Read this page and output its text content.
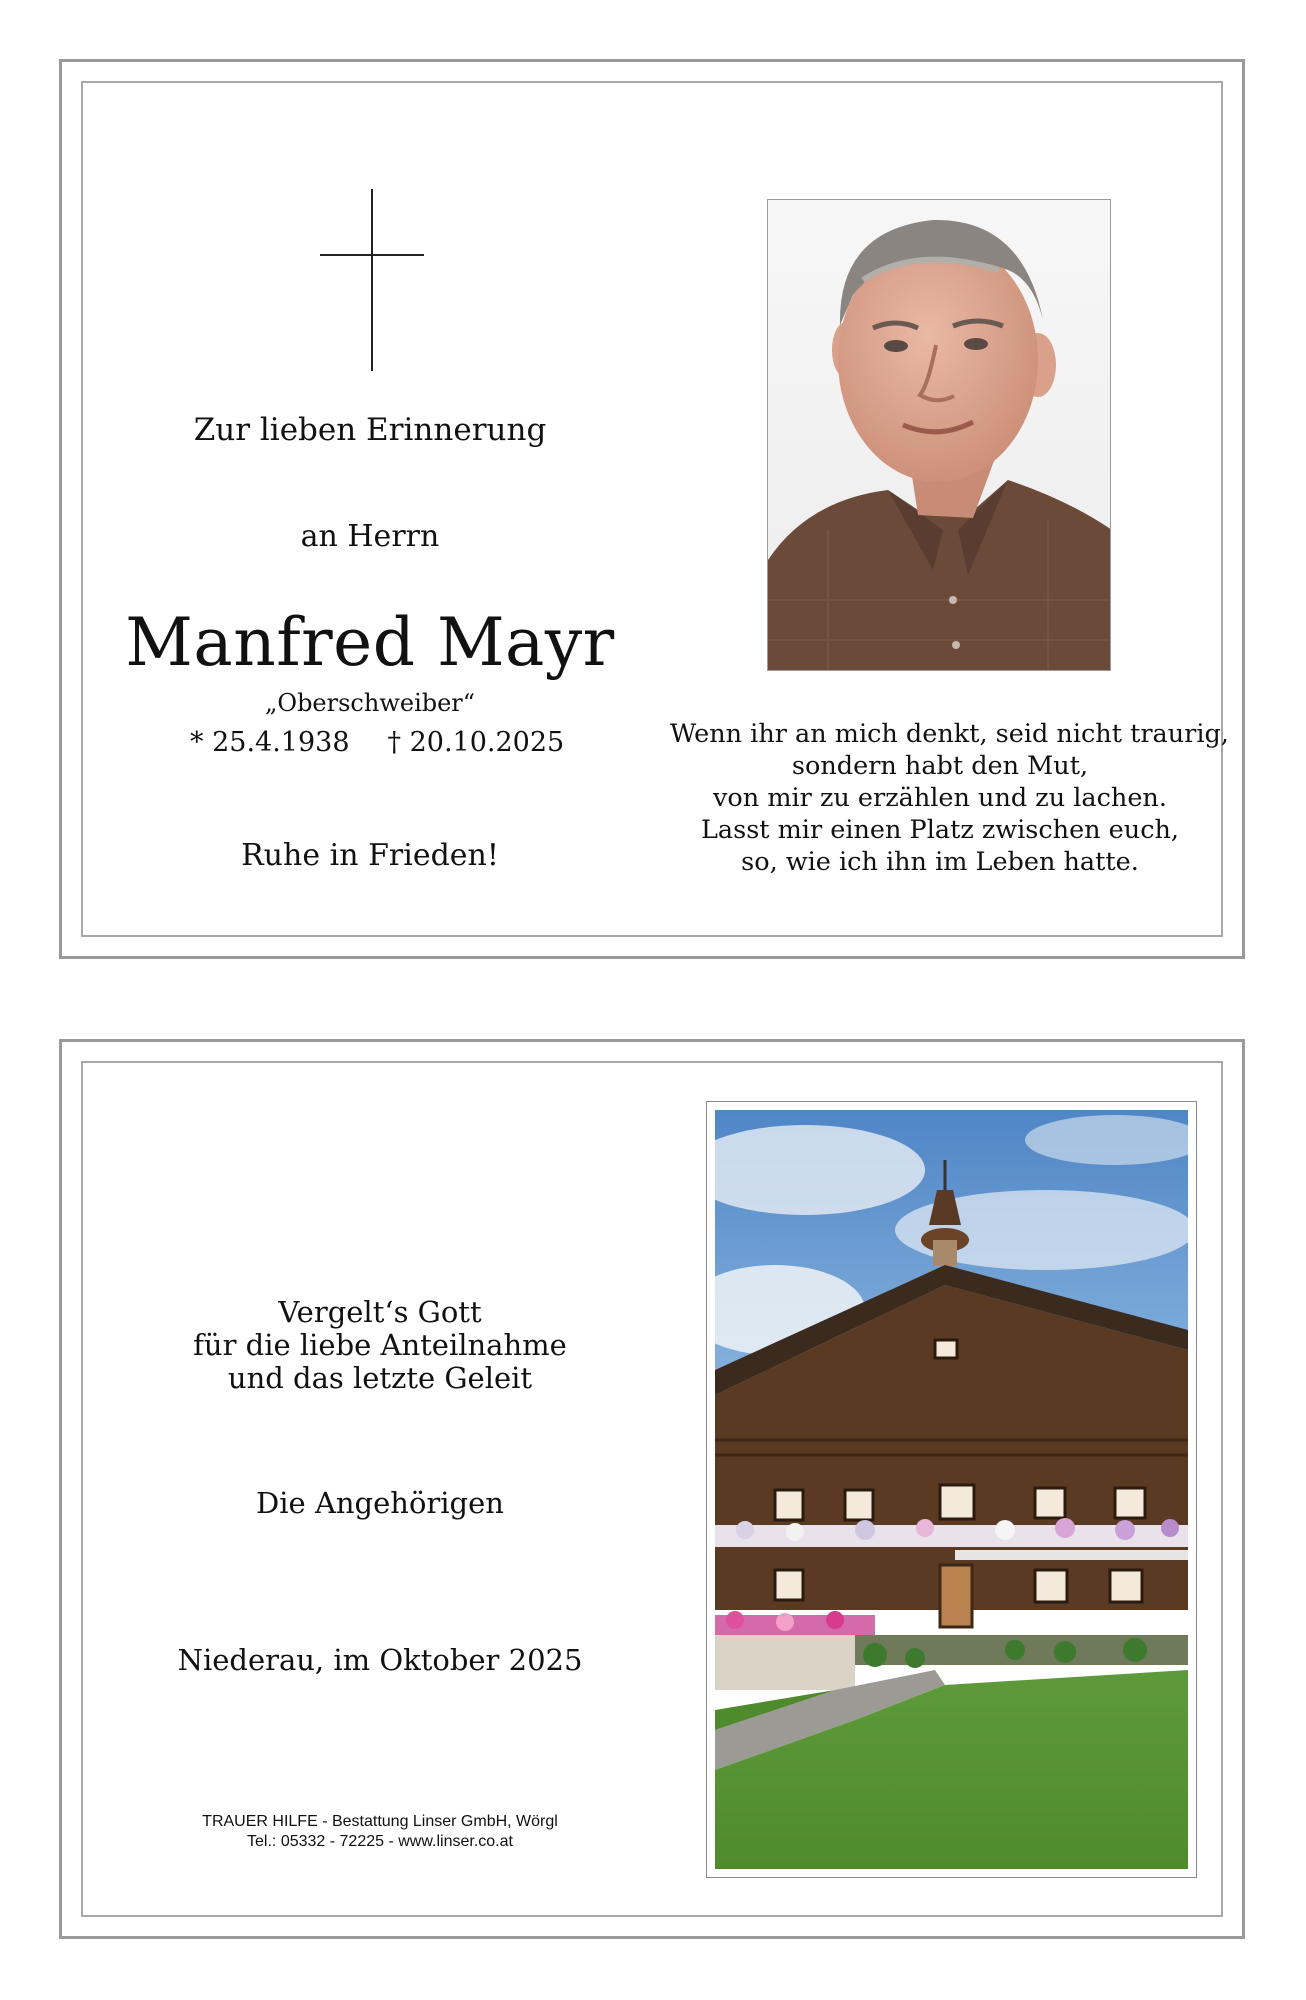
Zur lieben Erinnerung
an Herrn
Manfred Mayr
„Oberschweiber“
* 25.4.1938 † 20.10.2025
Ruhe in Frieden!
Wenn ihr an mich denkt, seid nicht traurig,
sondern habt den Mut,
von mir zu erzählen und zu lachen.
Lasst mir einen Platz zwischen euch,
so, wie ich ihn im Leben hatte.
Vergelt‘s Gott
für die liebe Anteilnahme
und das letzte Geleit
Die Angehörigen
Niederau, im Oktober 2025
TRAUER HILFE - Bestattung Linser GmbH, Wörgl
Tel.: 05332 - 72225 - www.linser.co.at
